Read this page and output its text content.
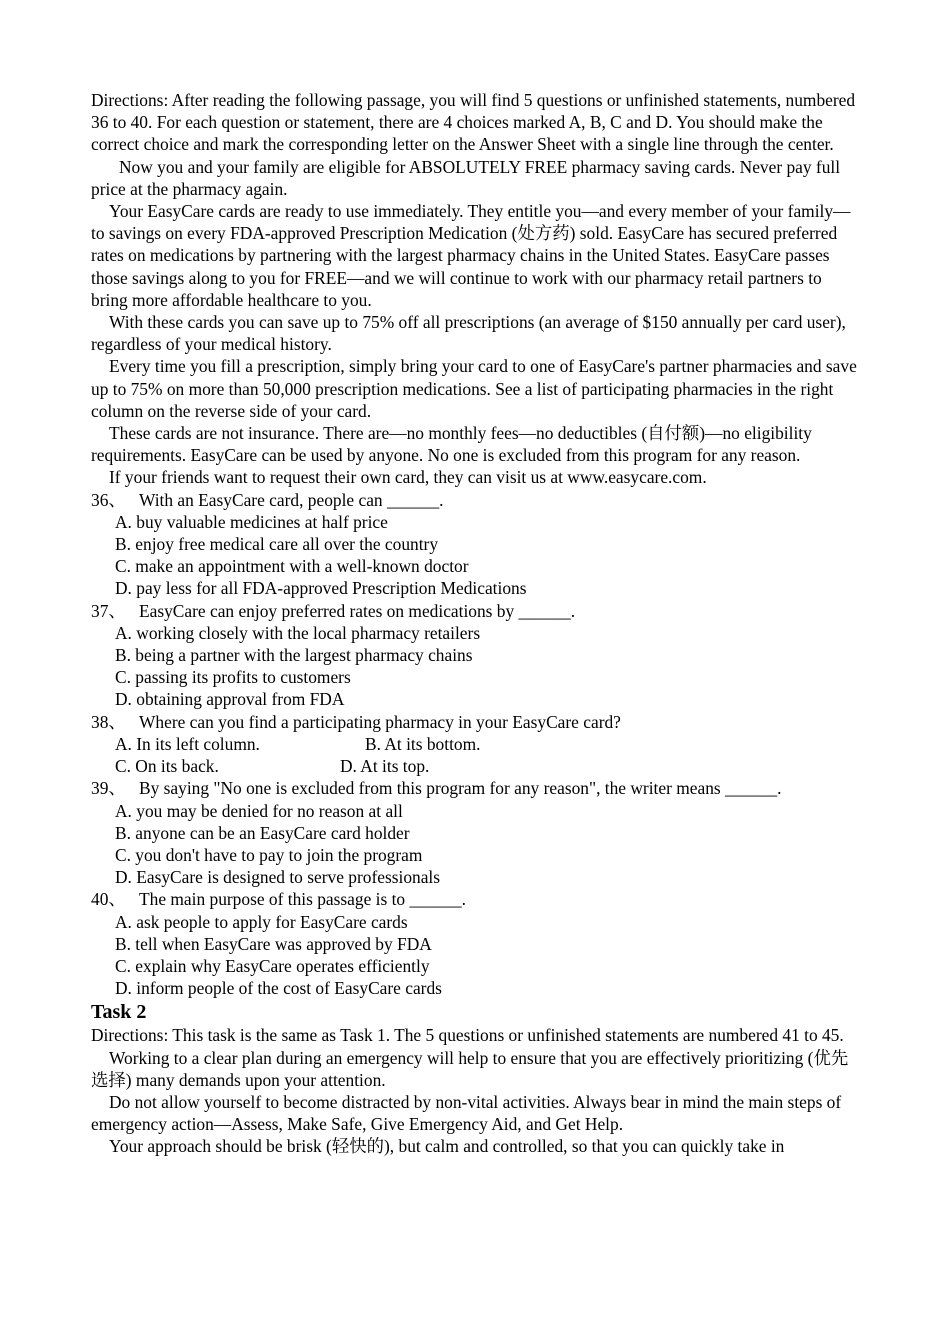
Directions: After reading the following passage, you will find 5 questions or unfinished statements, numbered 36 to 40. For each question or statement, there are 4 choices marked A, B, C and D. You should make the correct choice and mark the corresponding letter on the Answer Sheet with a single line through the center.

Now you and your family are eligible for ABSOLUTELY FREE pharmacy saving cards. Never pay full price at the pharmacy again.

Your EasyCare cards are ready to use immediately. They entitle you—and every member of your family—to savings on every FDA-approved Prescription Medication (处方药) sold. EasyCare has secured preferred rates on medications by partnering with the largest pharmacy chains in the United States. EasyCare passes those savings along to you for FREE—and we will continue to work with our pharmacy retail partners to bring more affordable healthcare to you.

With these cards you can save up to 75% off all prescriptions (an average of $150 annually per card user), regardless of your medical history.

Every time you fill a prescription, simply bring your card to one of EasyCare's partner pharmacies and save up to 75% on more than 50,000 prescription medications. See a list of participating pharmacies in the right column on the reverse side of your card.

These cards are not insurance. There are—no monthly fees—no deductibles (自付额)—no eligibility requirements. EasyCare can be used by anyone. No one is excluded from this program for any reason.

If your friends want to request their own card, they can visit us at www.easycare.com.

36、 With an EasyCare card, people can ______.

A. buy valuable medicines at half price

B. enjoy free medical care all over the country

C. make an appointment with a well-known doctor

D. pay less for all FDA-approved Prescription Medications

37、 EasyCare can enjoy preferred rates on medications by ______.

A. working closely with the local pharmacy retailers

B. being a partner with the largest pharmacy chains

C. passing its profits to customers

D. obtaining approval from FDA

38、 Where can you find a participating pharmacy in your EasyCare card?
A. In its left column.	B. At its bottom.
C. On its back.	D. At its top.
39、 By saying "No one is excluded from this program for any reason", the writer means ______.

A. you may be denied for no reason at all

B. anyone can be an EasyCare card holder

C. you don't have to pay to join the program

D. EasyCare is designed to serve professionals

40、 The main purpose of this passage is to ______.

A. ask people to apply for EasyCare cards

B. tell when EasyCare was approved by FDA

C. explain why EasyCare operates efficiently

D. inform people of the cost of EasyCare cards

Task 2

Directions: This task is the same as Task 1. The 5 questions or unfinished statements are numbered 41 to 45.

Working to a clear plan during an emergency will help to ensure that you are effectively prioritizing (优先选择) many demands upon your attention.

Do not allow yourself to become distracted by non-vital activities. Always bear in mind the main steps of emergency action—Assess, Make Safe, Give Emergency Aid, and Get Help.

Your approach should be brisk (轻快的), but calm and controlled, so that you can quickly take in
